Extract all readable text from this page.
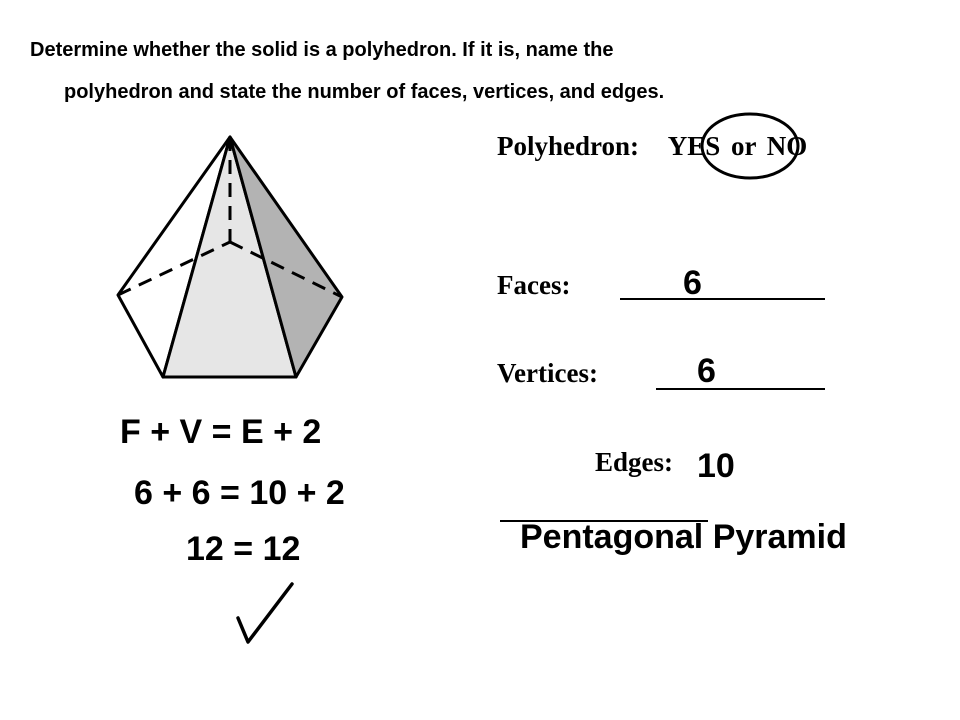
Determine whether the solid is a polyhedron. If it is, name the
polyhedron and state the number of faces, vertices, and edges.
Polyhedron: YES or NO
Faces:	6
Vertices:	6
Edges: 10
Pentagonal Pyramid
F + V = E + 2
6 + 6 = 10 + 2
12 = 12
